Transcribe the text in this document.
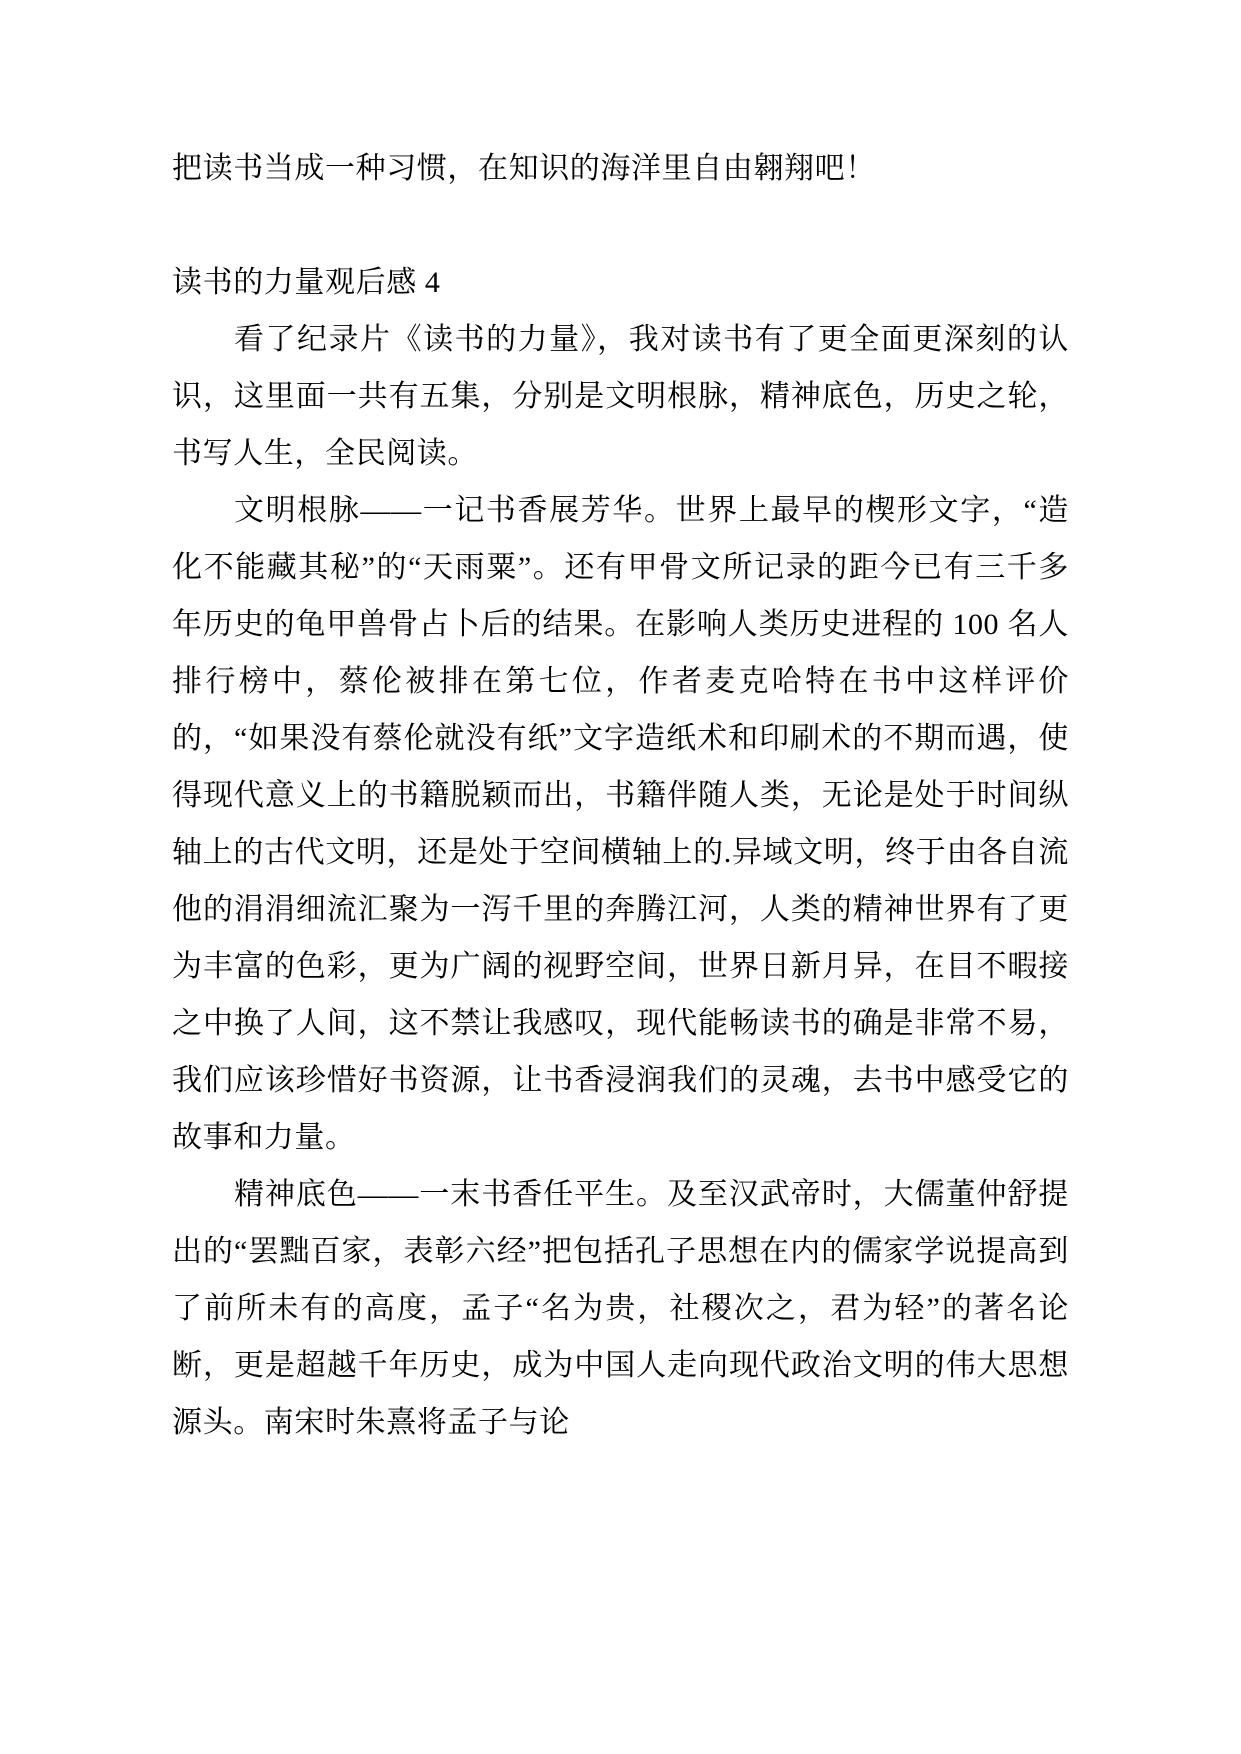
把读书当成一种习惯，在知识的海洋里自由翱翔吧！

读书的力量观后感 4

看了纪录片《读书的力量》，我对读书有了更全面更深刻的认识，这里面一共有五集，分别是文明根脉，精神底色，历史之轮，书写人生，全民阅读。

文明根脉——一记书香展芳华。世界上最早的楔形文字，“造化不能藏其秘”的“天雨粟”。还有甲骨文所记录的距今已有三千多年历史的龟甲兽骨占卜后的结果。在影响人类历史进程的 100 名人排行榜中，蔡伦被排在第七位，作者麦克哈特在书中这样评价的，“如果没有蔡伦就没有纸”文字造纸术和印刷术的不期而遇，使得现代意义上的书籍脱颖而出，书籍伴随人类，无论是处于时间纵轴上的古代文明，还是处于空间横轴上的.异域文明，终于由各自流他的涓涓细流汇聚为一泻千里的奔腾江河，人类的精神世界有了更为丰富的色彩，更为广阔的视野空间，世界日新月异，在目不暇接之中换了人间，这不禁让我感叹，现代能畅读书的确是非常不易，我们应该珍惜好书资源，让书香浸润我们的灵魂，去书中感受它的故事和力量。

精神底色——一末书香任平生。及至汉武帝时，大儒董仲舒提出的“罢黜百家，表彰六经”把包括孔子思想在内的儒家学说提高到了前所未有的高度，孟子“名为贵，社稷次之，君为轻”的著名论断，更是超越千年历史，成为中国人走向现代政治文明的伟大思想源头。南宋时朱熹将孟子与论
